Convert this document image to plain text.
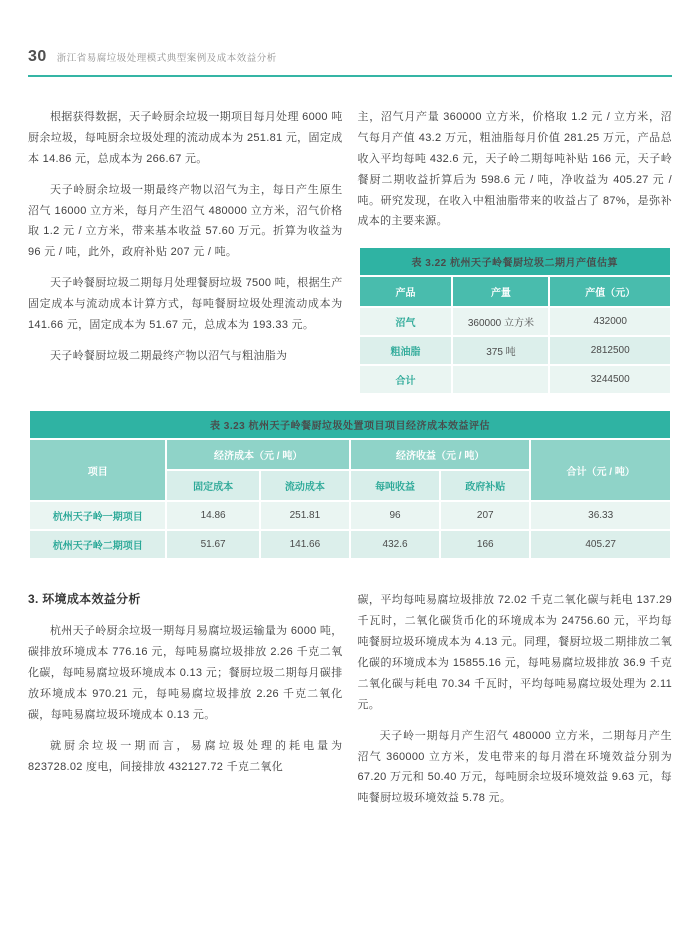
30 浙江省易腐垃圾处理模式典型案例及成本效益分析

根据获得数据，天子岭厨余垃圾一期项目每月处理 6000 吨厨余垃圾，每吨厨余垃圾处理的流动成本为 251.81 元，固定成本 14.86 元，总成本为 266.67 元。

天子岭厨余垃圾一期最终产物以沼气为主，每日产生原生沼气 16000 立方米，每月产生沼气 480000 立方米，沼气价格取 1.2 元 / 立方米，带来基本收益 57.60 万元。折算为收益为 96 元 / 吨，此外，政府补贴 207 元 / 吨。

天子岭餐厨垃圾二期每月处理餐厨垃圾 7500 吨，根据生产固定成本与流动成本计算方式，每吨餐厨垃圾处理流动成本为 141.66 元，固定成本为 51.67 元，总成本为 193.33 元。

天子岭餐厨垃圾二期最终产物以沼气与粗油脂为

主，沼气月产量 360000 立方米，价格取 1.2 元 / 立方米，沼气每月产值 43.2 万元，粗油脂每月价值 281.25 万元，产品总收入平均每吨 432.6 元，天子岭二期每吨补贴 166 元，天子岭餐厨二期收益折算后为 598.6 元 / 吨，净收益为 405.27 元 / 吨。研究发现，在收入中粗油脂带来的收益占了 87%，是弥补成本的主要来源。

表 3.22 杭州天子岭餐厨垃圾二期月产值估算		
产品	产量	产值（元）
沼气	360000 立方米	432000
粗油脂	375 吨	2812500
合计		3244500
表 3.23 杭州天子岭餐厨垃圾处置项目项目经济成本效益评估					
项目	经济成本（元 / 吨）		经济收益（元 / 吨）		合计（元 / 吨）
	固定成本	流动成本	每吨收益	政府补贴	
杭州天子岭一期项目	14.86	251.81	96	207	36.33
杭州天子岭二期项目	51.67	141.66	432.6	166	405.27
3. 环境成本效益分析

杭州天子岭厨余垃圾一期每月易腐垃圾运输量为 6000 吨，碳排放环境成本 776.16 元，每吨易腐垃圾排放 2.26 千克二氧化碳，每吨易腐垃圾环境成本 0.13 元；餐厨垃圾二期每月碳排放环境成本 970.21 元，每吨易腐垃圾排放 2.26 千克二氧化碳，每吨易腐垃圾环境成本 0.13 元。

就厨余垃圾一期而言，易腐垃圾处理的耗电量为 823728.02 度电，间接排放 432127.72 千克二氧化

碳，平均每吨易腐垃圾排放 72.02 千克二氧化碳与耗电 137.29 千瓦时，二氧化碳货币化的环境成本为 24756.60 元，平均每吨餐厨垃圾环境成本为 4.13 元。同理，餐厨垃圾二期排放二氧化碳的环境成本为 15855.16 元，每吨易腐垃圾排放 36.9 千克二氧化碳与耗电 70.34 千瓦时，平均每吨易腐垃圾处理为 2.11 元。

天子岭一期每月产生沼气 480000 立方米，二期每月产生沼气 360000 立方米，发电带来的每月潜在环境效益分别为 67.20 万元和 50.40 万元，每吨厨余垃圾环境效益 9.63 元，每吨餐厨垃圾环境效益 5.78 元。
